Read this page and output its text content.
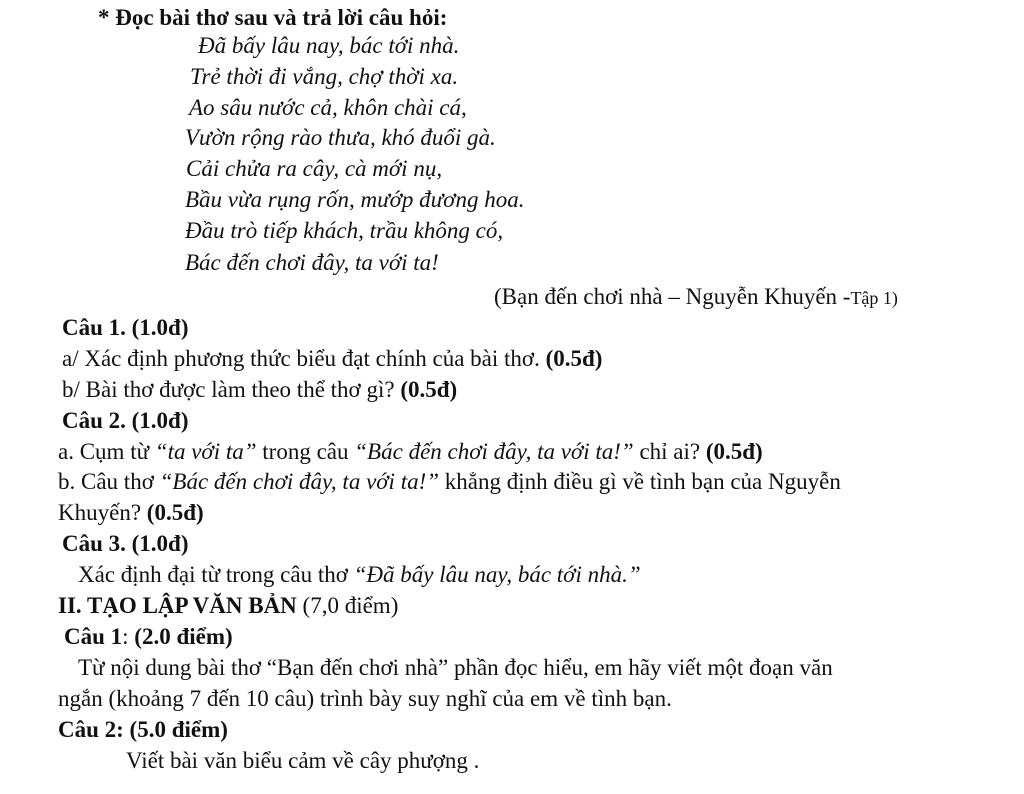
* Đọc bài thơ sau và trả lời câu hỏi:
Đã bấy lâu nay, bác tới nhà.
Trẻ thời đi vắng, chợ thời xa.
Ao sâu nước cả, khôn chài cá,
Vườn rộng rào thưa, khó đuổi gà.
Cải chửa ra cây, cà mới nụ,
Bầu vừa rụng rốn, mướp đương hoa.
Đầu trò tiếp khách, trầu không có,
Bác đến chơi đây, ta với ta!
(Bạn đến chơi nhà – Nguyễn Khuyến -Tập 1)
Câu 1. (1.0đ)
a/ Xác định phương thức biểu đạt chính của bài thơ. (0.5đ)
b/ Bài thơ được làm theo thể thơ gì? (0.5đ)
Câu 2. (1.0đ)
a. Cụm từ “ta với ta” trong câu “Bác đến chơi đây, ta với ta!” chỉ ai? (0.5đ)
b. Câu thơ “Bác đến chơi đây, ta với ta!” khẳng định điều gì về tình bạn của Nguyễn
Khuyến? (0.5đ)
Câu 3. (1.0đ)
Xác định đại từ trong câu thơ “Đã bấy lâu nay, bác tới nhà.”
II. TẠO LẬP VĂN BẢN (7,0 điểm)
Câu 1: (2.0 điểm)
Từ nội dung bài thơ “Bạn đến chơi nhà” phần đọc hiểu, em hãy viết một đoạn văn
ngắn (khoảng 7 đến 10 câu) trình bày suy nghĩ của em về tình bạn.
Câu 2: (5.0 điểm)
Viết bài văn biểu cảm về cây phượng .
